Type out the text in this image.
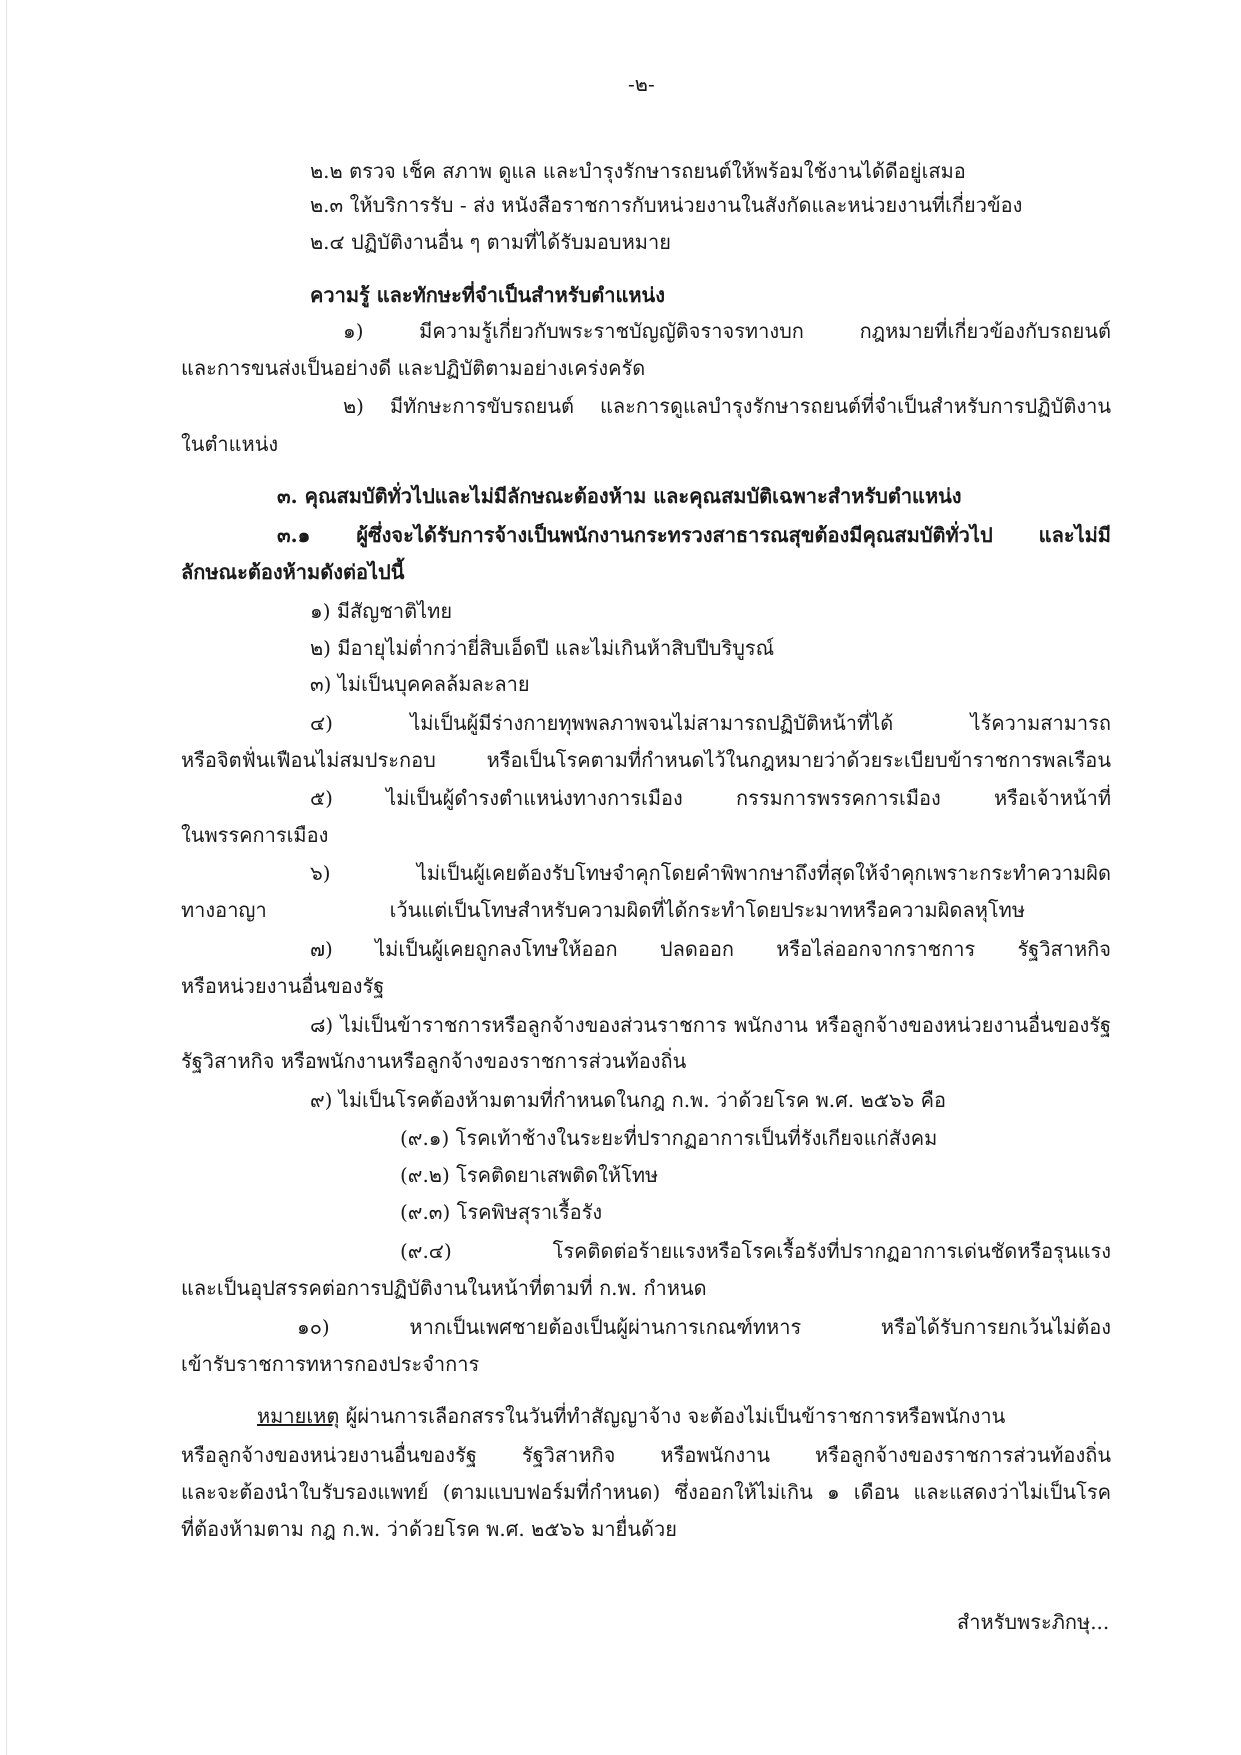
-๒-
๒.๒ ตรวจ เช็ค สภาพ ดูแล และบำรุงรักษารถยนต์ให้พร้อมใช้งานได้ดีอยู่เสมอ
๒.๓ ให้บริการรับ - ส่ง หนังสือราชการกับหน่วยงานในสังกัดและหน่วยงานที่เกี่ยวข้อง
๒.๔ ปฏิบัติงานอื่น ๆ ตามที่ได้รับมอบหมาย
ความรู้ และทักษะที่จำเป็นสำหรับตำแหน่ง
๑) มีความรู้เกี่ยวกับพระราชบัญญัติจราจรทางบก กฎหมายที่เกี่ยวข้องกับรถยนต์
และการขนส่งเป็นอย่างดี และปฏิบัติตามอย่างเคร่งครัด
๒) มีทักษะการขับรถยนต์ และการดูแลบำรุงรักษารถยนต์ที่จำเป็นสำหรับการปฏิบัติงาน
ในตำแหน่ง
๓. คุณสมบัติทั่วไปและไม่มีลักษณะต้องห้าม และคุณสมบัติเฉพาะสำหรับตำแหน่ง
๓.๑ ผู้ซึ่งจะได้รับการจ้างเป็นพนักงานกระทรวงสาธารณสุขต้องมีคุณสมบัติทั่วไป และไม่มี
ลักษณะต้องห้ามดังต่อไปนี้
๑) มีสัญชาติไทย
๒) มีอายุไม่ต่ำกว่ายี่สิบเอ็ดปี และไม่เกินห้าสิบปีบริบูรณ์
๓) ไม่เป็นบุคคลล้มละลาย
๔) ไม่เป็นผู้มีร่างกายทุพพลภาพจนไม่สามารถปฏิบัติหน้าที่ได้ ไร้ความสามารถ
หรือจิตฟั่นเฟือนไม่สมประกอบ หรือเป็นโรคตามที่กำหนดไว้ในกฎหมายว่าด้วยระเบียบข้าราชการพลเรือน
๕) ไม่เป็นผู้ดำรงตำแหน่งทางการเมือง กรรมการพรรคการเมือง หรือเจ้าหน้าที่
ในพรรคการเมือง
๖) ไม่เป็นผู้เคยต้องรับโทษจำคุกโดยคำพิพากษาถึงที่สุดให้จำคุกเพราะกระทำความผิด
ทางอาญา เว้นแต่เป็นโทษสำหรับความผิดที่ได้กระทำโดยประมาทหรือความผิดลหุโทษ
๗) ไม่เป็นผู้เคยถูกลงโทษให้ออก ปลดออก หรือไล่ออกจากราชการ รัฐวิสาหกิจ
หรือหน่วยงานอื่นของรัฐ
๘) ไม่เป็นข้าราชการหรือลูกจ้างของส่วนราชการ พนักงาน หรือลูกจ้างของหน่วยงานอื่นของรัฐ
รัฐวิสาหกิจ หรือพนักงานหรือลูกจ้างของราชการส่วนท้องถิ่น
๙) ไม่เป็นโรคต้องห้ามตามที่กำหนดในกฎ ก.พ. ว่าด้วยโรค พ.ศ. ๒๕๖๖ คือ
(๙.๑) โรคเท้าช้างในระยะที่ปรากฏอาการเป็นที่รังเกียจแก่สังคม
(๙.๒) โรคติดยาเสพติดให้โทษ
(๙.๓) โรคพิษสุราเรื้อรัง
(๙.๔) โรคติดต่อร้ายแรงหรือโรคเรื้อรังที่ปรากฏอาการเด่นชัดหรือรุนแรง
และเป็นอุปสรรคต่อการปฏิบัติงานในหน้าที่ตามที่ ก.พ. กำหนด
๑๐) หากเป็นเพศชายต้องเป็นผู้ผ่านการเกณฑ์ทหาร หรือได้รับการยกเว้นไม่ต้อง
เข้ารับราชการทหารกองประจำการ
หมายเหตุ ผู้ผ่านการเลือกสรรในวันที่ทำสัญญาจ้าง จะต้องไม่เป็นข้าราชการหรือพนักงาน
หรือลูกจ้างของหน่วยงานอื่นของรัฐ รัฐวิสาหกิจ หรือพนักงาน หรือลูกจ้างของราชการส่วนท้องถิ่น
และจะต้องนำใบรับรองแพทย์ (ตามแบบฟอร์มที่กำหนด) ซึ่งออกให้ไม่เกิน ๑ เดือน และแสดงว่าไม่เป็นโรค
ที่ต้องห้ามตาม กฎ ก.พ. ว่าด้วยโรค พ.ศ. ๒๕๖๖ มายื่นด้วย
สำหรับพระภิกษุ...
